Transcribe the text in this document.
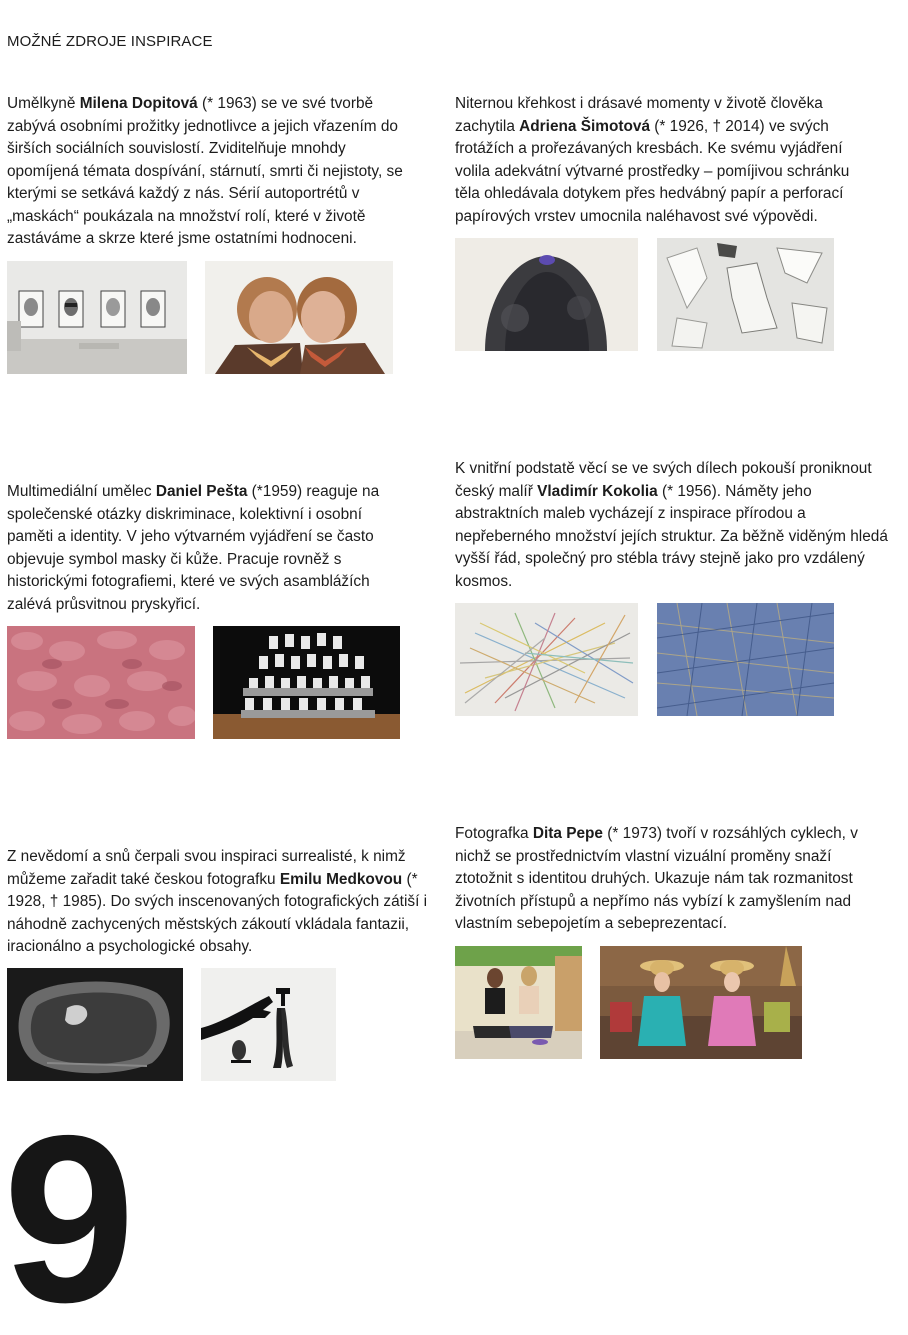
MOŽNÉ ZDROJE INSPIRACE

Umělkyně Milena Dopitová (* 1963) se ve své tvorbě zabývá osobními prožitky jednotlivce a jejich vřazením do širších sociálních souvislostí. Zviditelňuje mnohdy opomíjená témata dospívání, stárnutí, smrti či nejistoty, se kterými se setkává každý z nás. Sérií autoportrétů v „maskách“ poukázala na množství rolí, které v životě zastáváme a skrze které jsme ostatními hodnoceni.

Niternou křehkost i drásavé momenty v životě člověka zachytila Adriena Šimotová (* 1926, † 2014) ve svých frotážích a prořezávaných kresbách. Ke svému vyjádření volila adekvátní výtvarné prostředky – pomíjivou schránku těla ohledávala dotykem přes hedvábný papír a perforací papírových vrstev umocnila naléhavost své výpovědi.

Multimediální umělec Daniel Pešta (*1959) reaguje na společenské otázky diskriminace, kolektivní i osobní paměti a identity. V jeho výtvarném vyjádření se často objevuje symbol masky či kůže. Pracuje rovněž s historickými fotografiemi, které ve svých asambl​ážích zalévá průsvitnou pryskyřicí.

K vnitřní podstatě věcí se ve svých dílech pokouší proniknout český malíř Vladimír Kokolia (* 1956). Náměty jeho abstraktních maleb vycházejí z inspirace přírodou a nepřeberného množství jejích struktur. Za běžně viděným hledá vyšší řád, společný pro stébla trávy stejně jako pro vzdálený kosmos.

Z nevědomí a snů čerpali svou inspiraci surrealisté, k nimž můžeme zařadit také českou fotografku Emilu Medkovou (* 1928, † 1985). Do svých inscenovaných fotografických zátiší i náhodně zachycených městských zákoutí vkládala fantazii, iracionálno a psychologické obsahy.

Fotografka Dita Pepe (* 1973) tvoří v rozsáhlých cyklech, v nichž se prostřednictvím vlastní vizuální proměny snaží ztotožnit s identitou druhých. Ukazuje nám tak rozmanitost životních přístupů a nepřímo nás vybízí k zamyšlením nad vlastním sebepojetím a sebeprezentací.

9
